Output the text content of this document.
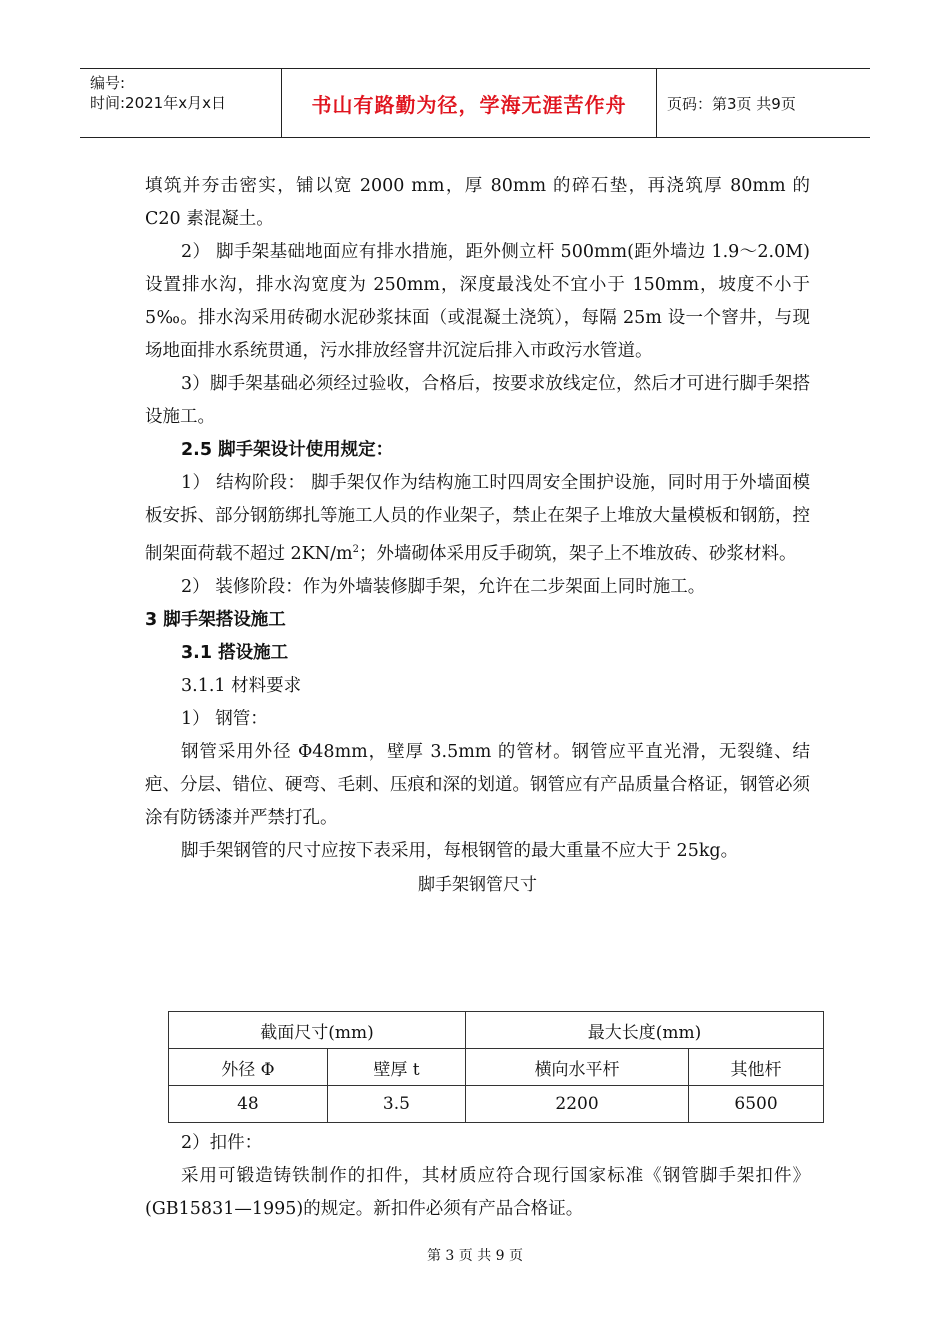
编号:
时间:2021年x月x日	书山有路勤为径，学海无涯苦作舟	页码：第3页 共9页

填筑并夯击密实，铺以宽 2000 mm，厚 80mm 的碎石垫，再浇筑厚 80mm 的 C20 素混凝土。

2） 脚手架基础地面应有排水措施，距外侧立杆 500mm(距外墙边 1.9～2.0M)设置排水沟，排水沟宽度为 250mm，深度最浅处不宜小于 150mm，坡度不小于 5‰。排水沟采用砖砌水泥砂浆抹面（或混凝土浇筑），每隔 25m 设一个窨井，与现场地面排水系统贯通，污水排放经窨井沉淀后排入市政污水管道。

3）脚手架基础必须经过验收，合格后，按要求放线定位，然后才可进行脚手架搭设施工。

2.5 脚手架设计使用规定：

1） 结构阶段： 脚手架仅作为结构施工时四周安全围护设施，同时用于外墙面模板安拆、部分钢筋绑扎等施工人员的作业架子，禁止在架子上堆放大量模板和钢筋，控制架面荷载不超过 $2KN/m^2$；外墙砌体采用反手砌筑，架子上不堆放砖、砂浆材料。

2） 装修阶段：作为外墙装修脚手架，允许在二步架面上同时施工。

3 脚手架搭设施工

3.1 搭设施工

3.1.1 材料要求

1） 钢管：

钢管采用外径 Φ48mm，壁厚 3.5mm 的管材。钢管应平直光滑，无裂缝、结疤、分层、错位、硬弯、毛刺、压痕和深的划道。钢管应有产品质量合格证，钢管必须涂有防锈漆并严禁打孔。

脚手架钢管的尺寸应按下表采用，每根钢管的最大重量不应大于 25kg。

脚手架钢管尺寸
截面尺寸(mm)		最大长度(mm)	
外径 Φ	壁厚 t	横向水平杆	其他杆
48	3.5	2200	6500

2）扣件：

采用可锻造铸铁制作的扣件，其材质应符合现行国家标准《钢管脚手架扣件》(GB15831—1995)的规定。新扣件必须有产品合格证。

第 3 页 共 9 页
